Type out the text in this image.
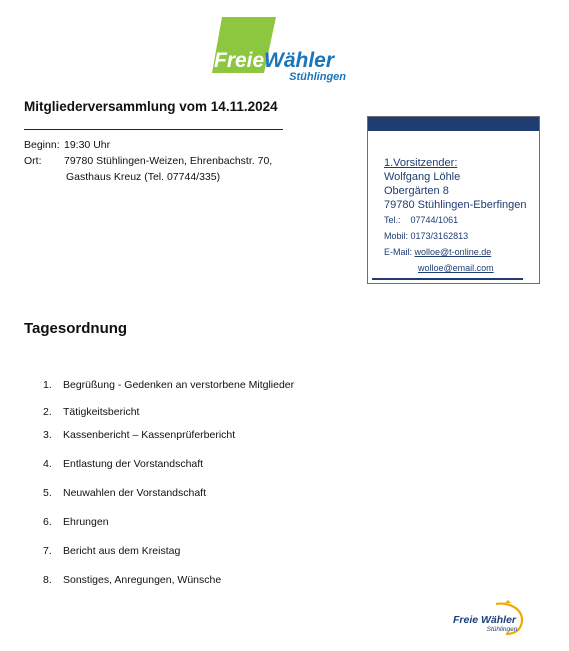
Freie Wähler
Stühlingen
Mitgliederversammlung vom 14.11.2024
Beginn: 19:30 Uhr
Ort:	79780 Stühlingen-Weizen, Ehrenbachstr. 70,
Gasthaus Kreuz (Tel. 07744/335)
1.Vorsitzender:
Wolfgang Löhle
Obergärten 8
79780 Stühlingen-Eberfingen
Tel.: 07744/1061
Mobil: 0173/3162813
E-Mail: wolloe@t-online.de
wolloe@email.com
Tagesordnung
1. Begrüßung - Gedenken an verstorbene Mitglieder
2. Tätigkeitsbericht
3. Kassenbericht – Kassenprüferbericht
4. Entlastung der Vorstandschaft
5. Neuwahlen der Vorstandschaft
6. Ehrungen
7. Bericht aus dem Kreistag
8. Sonstiges, Anregungen, Wünsche
Freie Wähler
Stühlingen
